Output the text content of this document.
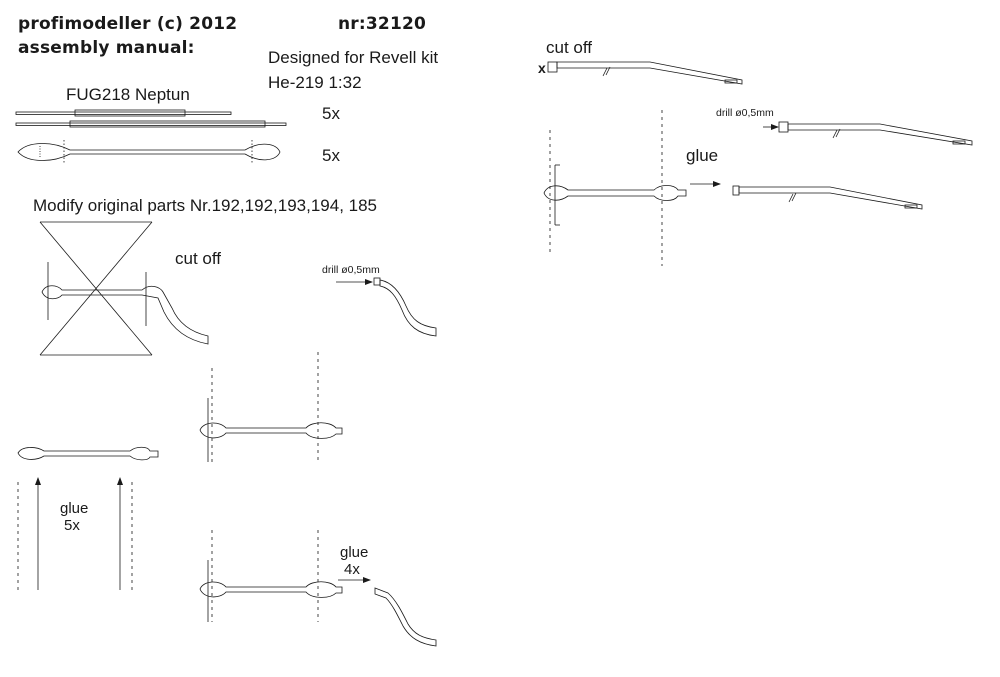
profimodeller (c) 2012
assembly manual:
nr:32120
Designed for Revell kit
He-219 1:32
FUG218 Neptun
5x
5x
Modify original parts Nr.192,192,193,194, 185
cut off
drill ø0,5mm
glue
5x
glue
4x
cut off
x
drill ø0,5mm
glue
